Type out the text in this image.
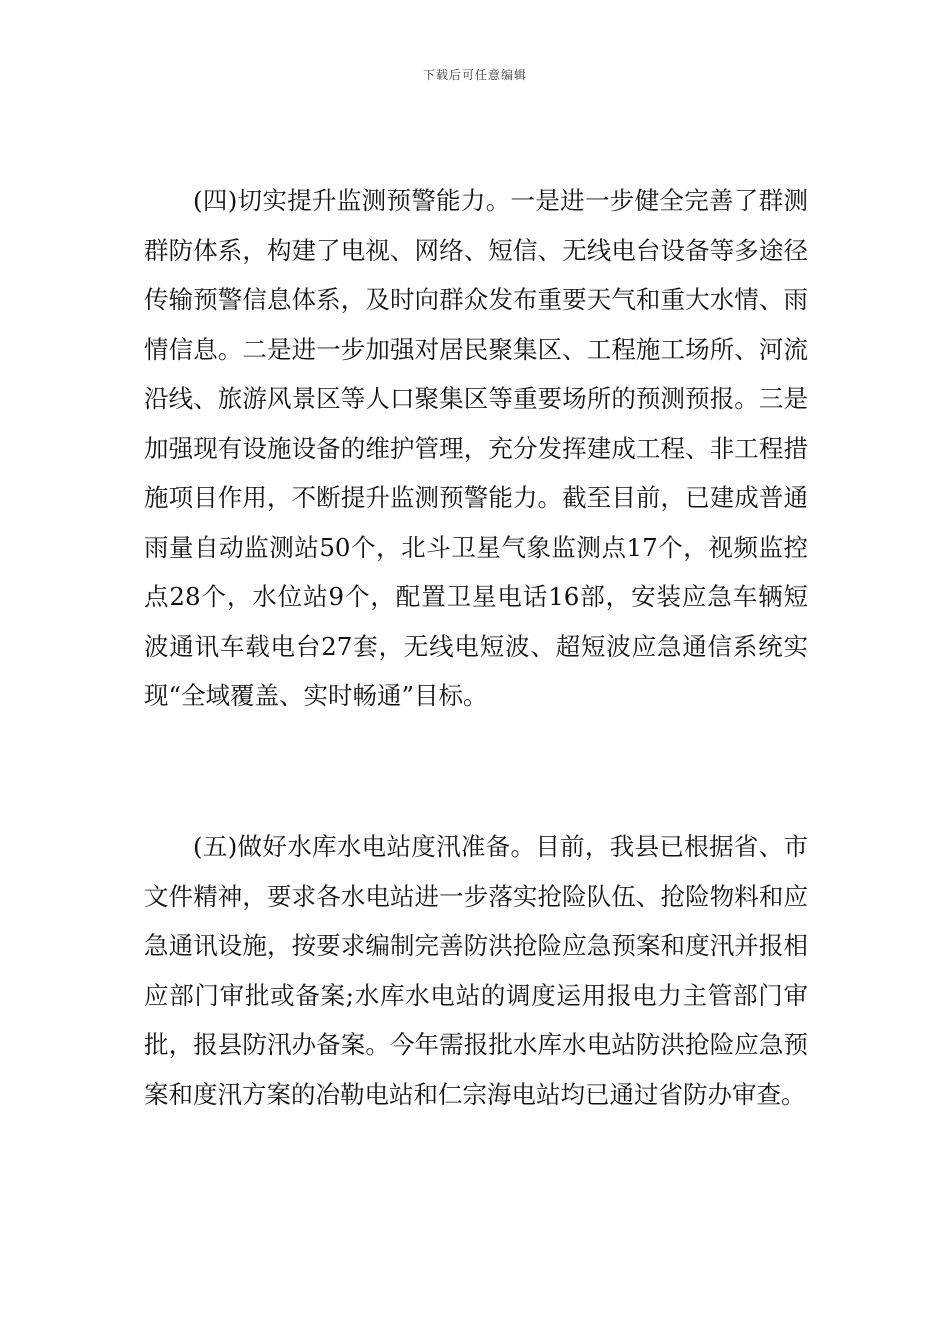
下载后可任意编辑

(四)切实提升监测预警能力。一是进一步健全完善了群测群防体系，构建了电视、网络、短信、无线电台设备等多途径传输预警信息体系，及时向群众发布重要天气和重大水情、雨情信息。二是进一步加强对居民聚集区、工程施工场所、河流沿线、旅游风景区等人口聚集区等重要场所的预测预报。三是加强现有设施设备的维护管理，充分发挥建成工程、非工程措施项目作用，不断提升监测预警能力。截至目前，已建成普通雨量自动监测站50个，北斗卫星气象监测点17个，视频监控点28个，水位站9个，配置卫星电话16部，安装应急车辆短波通讯车载电台27套，无线电短波、超短波应急通信系统实现“全域覆盖、实时畅通”目标。

(五)做好水库水电站度汛准备。目前，我县已根据省、市文件精神，要求各水电站进一步落实抢险队伍、抢险物料和应急通讯设施，按要求编制完善防洪抢险应急预案和度汛并报相应部门审批或备案;水库水电站的调度运用报电力主管部门审批，报县防汛办备案。今年需报批水库水电站防洪抢险应急预案和度汛方案的冶勒电站和仁宗海电站均已通过省防办审查。
